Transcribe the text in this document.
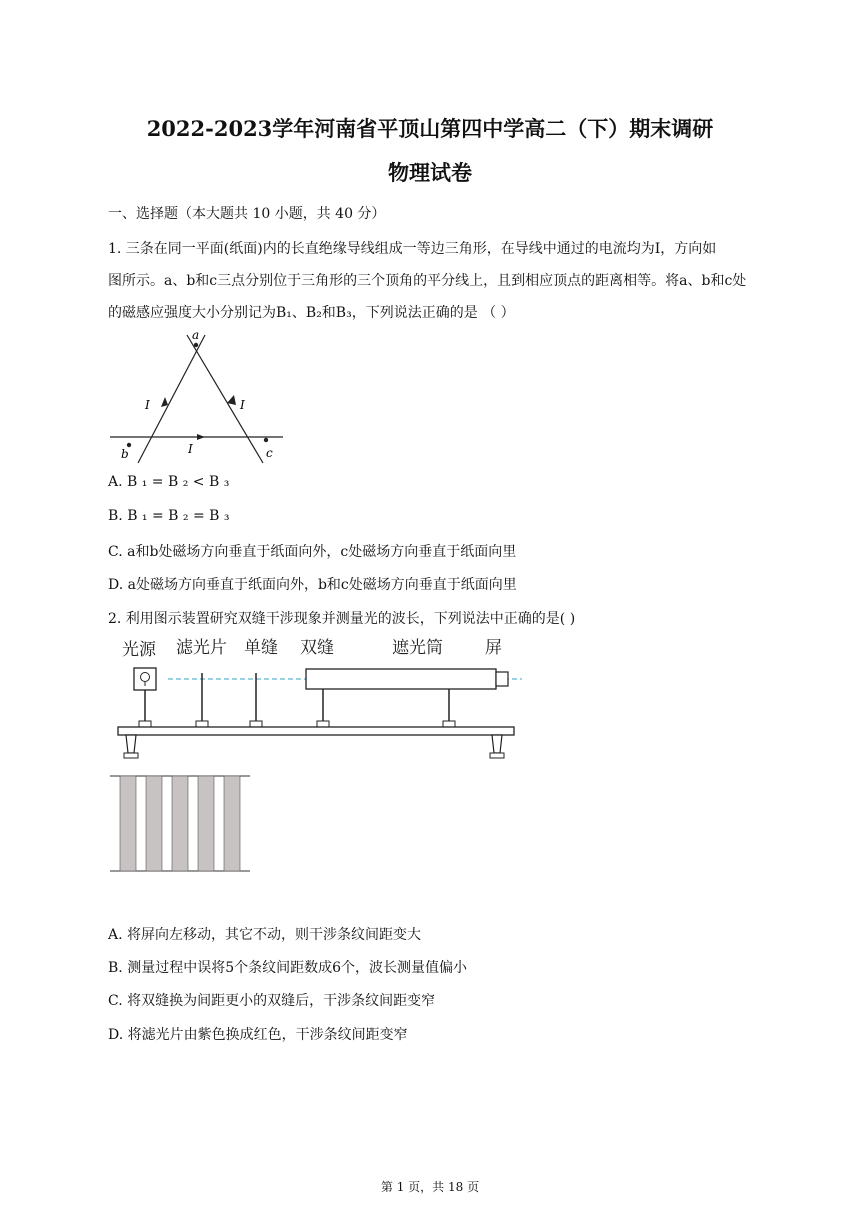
2022-2023学年河南省平顶山第四中学高二（下）期末调研
物理试卷
一、选择题（本大题共 10 小题，共 40 分）
1. 三条在同一平面(纸面)内的长直绝缘导线组成一等边三角形，在导线中通过的电流均为I，方向如
图所示。a、b和c三点分别位于三角形的三个顶角的平分线上，且到相应顶点的距离相等。将a、b和c处
的磁感应强度大小分别记为B₁、B₂和B₃，下列说法正确的是 （ ）
a
b	c
I	I
I
A. B ₁ = B ₂ < B ₃
B. B ₁ = B ₂ = B ₃
C. a和b处磁场方向垂直于纸面向外，c处磁场方向垂直于纸面向里
D. a处磁场方向垂直于纸面向外，b和c处磁场方向垂直于纸面向里
2. 利用图示装置研究双缝干涉现象并测量光的波长，下列说法中正确的是( )
光源 滤光片 单缝 双缝	遮光筒 屏
A. 将屏向左移动，其它不动，则干涉条纹间距变大
B. 测量过程中误将5个条纹间距数成6个，波长测量值偏小
C. 将双缝换为间距更小的双缝后，干涉条纹间距变窄
D. 将滤光片由紫色换成红色，干涉条纹间距变窄
第 1 页，共 18 页
